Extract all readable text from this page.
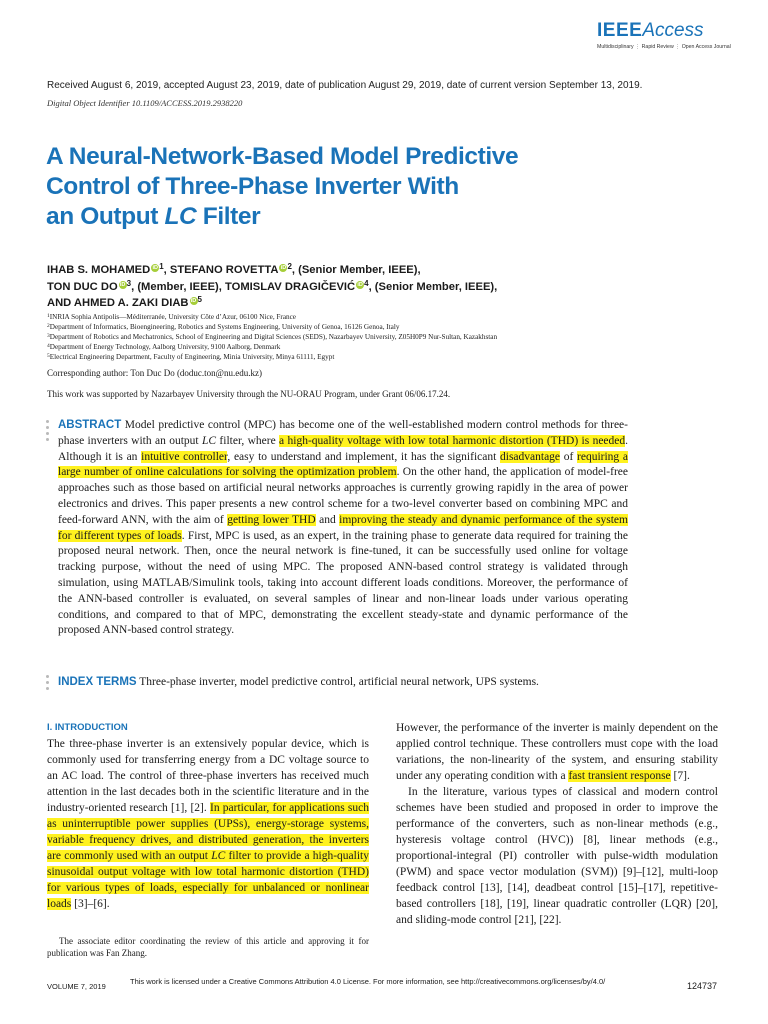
IEEEAccess
Multidisciplinary ⋮ Rapid Review ⋮ Open Access Journal
Received August 6, 2019, accepted August 23, 2019, date of publication August 29, 2019, date of current version September 13, 2019.
Digital Object Identifier 10.1109/ACCESS.2019.2938220
A Neural-Network-Based Model Predictive
Control of Three-Phase Inverter With
an Output LC Filter
IHAB S. MOHAMED $iD^1$, STEFANO ROVETTA $iD^2$, (Senior Member, IEEE),
TON DUC DO $iD^3$, (Member, IEEE), TOMISLAV DRAGIČEVIĆ $iD^4$, (Senior Member, IEEE),
AND AHMED A. ZAKI DIAB $iD^5$
$^1$INRIA Sophia Antipolis—Méditerranée, University Côte d’Azur, 06100 Nice, France
$^2$Department of Informatics, Bioengineering, Robotics and Systems Engineering, University of Genoa, 16126 Genoa, Italy
$^3$Department of Robotics and Mechatronics, School of Engineering and Digital Sciences (SEDS), Nazarbayev University, Z05H0P9 Nur-Sultan, Kazakhstan
$^4$Department of Energy Technology, Aalborg University, 9100 Aalborg, Denmark
$^5$Electrical Engineering Department, Faculty of Engineering, Minia University, Minya 61111, Egypt
Corresponding author: Ton Duc Do (doduc.ton@nu.edu.kz)
This work was supported by Nazarbayev University through the NU-ORAU Program, under Grant 06/06.17.24.
ABSTRACT Model predictive control (MPC) has become one of the well-established modern control methods for three-phase inverters with an output LC filter, where a high-quality voltage with low total harmonic distortion (THD) is needed. Although it is an intuitive controller, easy to understand and implement, it has the significant disadvantage of requiring a large number of online calculations for solving the optimization problem. On the other hand, the application of model-free approaches such as those based on artificial neural networks approaches is currently growing rapidly in the area of power electronics and drives. This paper presents a new control scheme for a two-level converter based on combining MPC and feed-forward ANN, with the aim of getting lower THD and improving the steady and dynamic performance of the system for different types of loads. First, MPC is used, as an expert, in the training phase to generate data required for training the proposed neural network. Then, once the neural network is fine-tuned, it can be successfully used online for voltage tracking purpose, without the need of using MPC. The proposed ANN-based control strategy is validated through simulation, using MATLAB/Simulink tools, taking into account different loads conditions. Moreover, the performance of the ANN-based controller is evaluated, on several samples of linear and non-linear loads under various operating conditions, and compared to that of MPC, demonstrating the excellent steady-state and dynamic performance of the proposed ANN-based control strategy.
INDEX TERMS Three-phase inverter, model predictive control, artificial neural network, UPS systems.
I. INTRODUCTION

The three-phase inverter is an extensively popular device, which is commonly used for transferring energy from a DC voltage source to an AC load. The control of three-phase inverters has received much attention in the last decades both in the scientific literature and in the industry-oriented research [1], [2]. In particular, for applications such as uninterruptible power supplies (UPSs), energy-storage systems, variable frequency drives, and distributed generation, the inverters are commonly used with an output LC filter to provide a high-quality sinusoidal output voltage with low total harmonic distortion (THD) for various types of loads, especially for unbalanced or nonlinear loads [3]–[6].

The associate editor coordinating the review of this article and approving it for publication was Fan Zhang.

However, the performance of the inverter is mainly dependent on the applied control technique. These controllers must cope with the load variations, the non-linearity of the system, and ensuring stability under any operating condition with a fast transient response [7].

In the literature, various types of classical and modern control schemes have been studied and proposed in order to improve the performance of the converters, such as non-linear methods (e.g., hysteresis voltage control (HVC)) [8], linear methods (e.g., proportional-integral (PI) controller with pulse-width modulation (PWM) and space vector modulation (SVM)) [9]–[12], multi-loop feedback control [13], [14], deadbeat control [15]–[17], repetitive-based controllers [18], [19], linear quadratic controller (LQR) [20], and sliding-mode control [21], [22].

VOLUME 7, 2019
This work is licensed under a Creative Commons Attribution 4.0 License. For more information, see http://creativecommons.org/licenses/by/4.0/	124737
